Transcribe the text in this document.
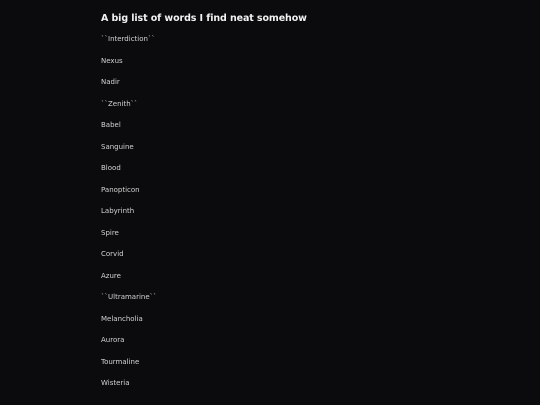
A big list of words I find neat somehow
``Interdiction``
Nexus
Nadir
``Zenith``
Babel
Sanguine
Blood
Panopticon
Labyrinth
Spire
Corvid
Azure
``Ultramarine``
Melancholia
Aurora
Tourmaline
Wisteria
